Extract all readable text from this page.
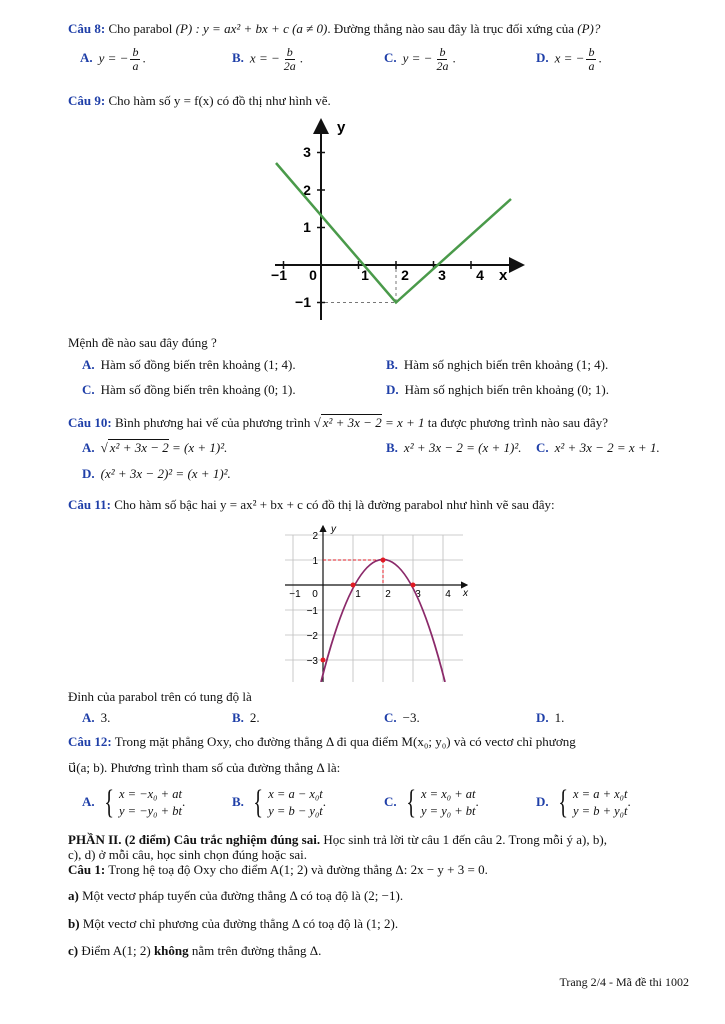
Câu 8: Cho parabol (P) : y = ax² + bx + c (a ≠ 0). Đường thẳng nào sau đây là trục đối xứng của (P)?
A. y = − $\frac{b}{a}$ .	B. x = − $\frac{b}{2a}$ .	C. y = − $\frac{b}{2a}$ .	D. x = − $\frac{b}{a}$ .
Câu 9: Cho hàm số y = f(x) có đồ thị như hình vẽ.
y
x
−1 0	1 2 3 4
3
2
1
−1
Mệnh đề nào sau đây đúng ?
A. Hàm số đồng biến trên khoảng (1; 4).	B. Hàm số nghịch biến trên khoảng (1; 4).
C. Hàm số đồng biến trên khoảng (0; 1).	D. Hàm số nghịch biến trên khoảng (0; 1).
Câu 10: Bình phương hai vế của phương trình √ x² + 3x − 2 = x + 1 ta được phương trình nào sau đây?
A. √ x² + 3x − 2 = (x + 1)².	B. x² + 3x − 2 = (x + 1)². C. x² + 3x − 2 = x + 1.
D. (x² + 3x − 2)² = (x + 1)².
Câu 11: Cho hàm số bậc hai y = ax² + bx + c có đồ thị là đường parabol như hình vẽ sau đây:
y
x
−1 0	1 2 3 4
2
1
−1
−2
−3
Đỉnh của parabol trên có tung độ là
A. 3.	B. 2.	C. −3.	D. 1.
Câu 12: Trong mặt phẳng Oxy, cho đường thẳng Δ đi qua điểm M(x₀; y₀) và có vectơ chỉ phương
u⃗(a; b). Phương trình tham số của đường thẳng Δ là:
A. { x = −x₀ + at
y = −y₀ + bt
.	B. { x = a − x₀t
y = b − y₀t
.	C. { x = x₀ + at
y = y₀ + bt
.	D. { x = a + x₀t
y = b + y₀t
.
PHẦN II. (2 điểm) Câu trắc nghiệm đúng sai. Học sinh trả lời từ câu 1 đến câu 2. Trong mỗi ý a), b),
c), d) ở mỗi câu, học sinh chọn đúng hoặc sai.
Câu 1: Trong hệ toạ độ Oxy cho điểm A(1; 2) và đường thẳng Δ: 2x − y + 3 = 0.
a) Một vectơ pháp tuyến của đường thẳng Δ có toạ độ là (2; −1).
b) Một vectơ chỉ phương của đường thẳng Δ có toạ độ là (1; 2).
c) Điểm A(1; 2) không nằm trên đường thẳng Δ.
Trang 2/4 - Mã đề thi 1002
